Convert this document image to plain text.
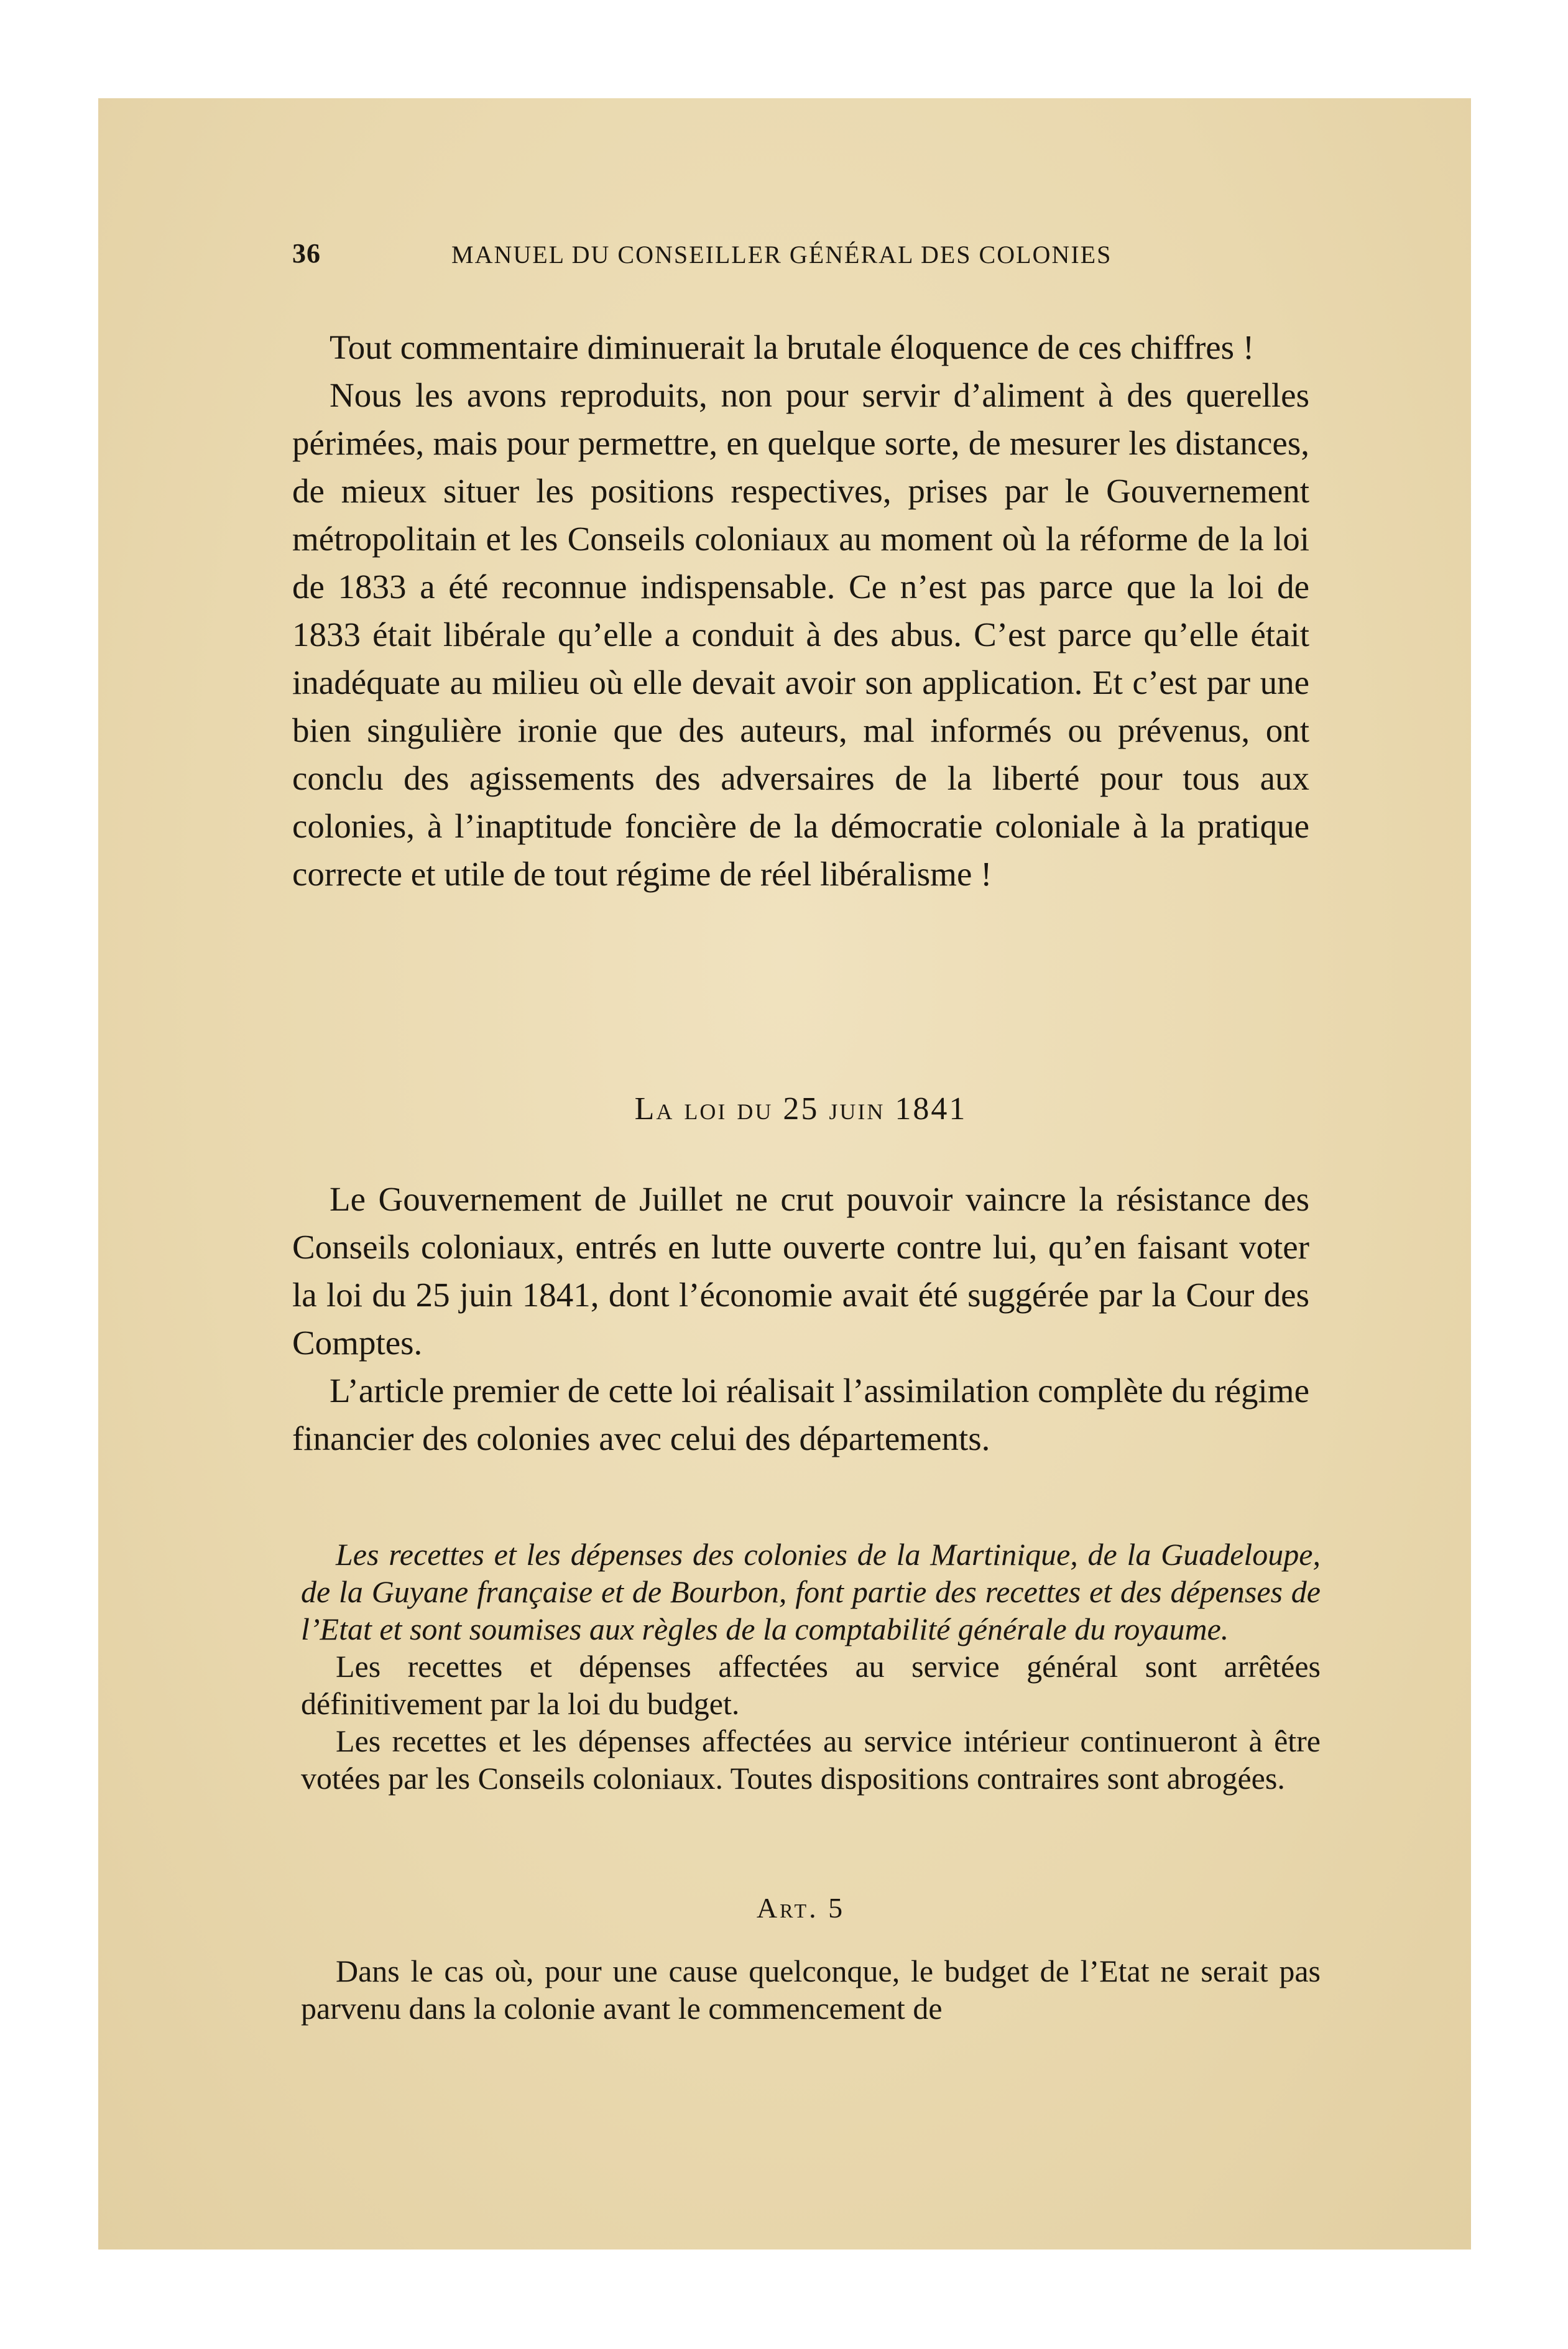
36	MANUEL DU CONSEILLER GÉNÉRAL DES COLONIES

Tout commentaire diminuerait la brutale éloquence de ces chiffres !

Nous les avons reproduits, non pour servir d’aliment à des querelles périmées, mais pour permettre, en quelque sorte, de mesurer les distances, de mieux situer les positions respectives, prises par le Gouvernement métropolitain et les Conseils coloniaux au moment où la réforme de la loi de 1833 a été reconnue indispensable. Ce n’est pas parce que la loi de 1833 était libérale qu’elle a conduit à des abus. C’est parce qu’elle était inadéquate au milieu où elle devait avoir son application. Et c’est par une bien singulière ironie que des auteurs, mal informés ou prévenus, ont conclu des agissements des adversaires de la liberté pour tous aux colonies, à l’inaptitude foncière de la démocratie coloniale à la pratique correcte et utile de tout régime de réel libéralisme !

La loi du 25 juin 1841

Le Gouvernement de Juillet ne crut pouvoir vaincre la résistance des Conseils coloniaux, entrés en lutte ouverte contre lui, qu’en faisant voter la loi du 25 juin 1841, dont l’économie avait été suggérée par la Cour des Comptes.

L’article premier de cette loi réalisait l’assimilation complète du régime financier des colonies avec celui des départements.

Les recettes et les dépenses des colonies de la Martinique, de la Guadeloupe, de la Guyane française et de Bourbon, font partie des recettes et des dépenses de l’Etat et sont soumises aux règles de la comptabilité générale du royaume.

Les recettes et dépenses affectées au service général sont arrêtées définitivement par la loi du budget.

Les recettes et les dépenses affectées au service intérieur continueront à être votées par les Conseils coloniaux. Toutes dispositions contraires sont abrogées.

Art. 5

Dans le cas où, pour une cause quelconque, le budget de l’Etat ne serait pas parvenu dans la colonie avant le commencement de
